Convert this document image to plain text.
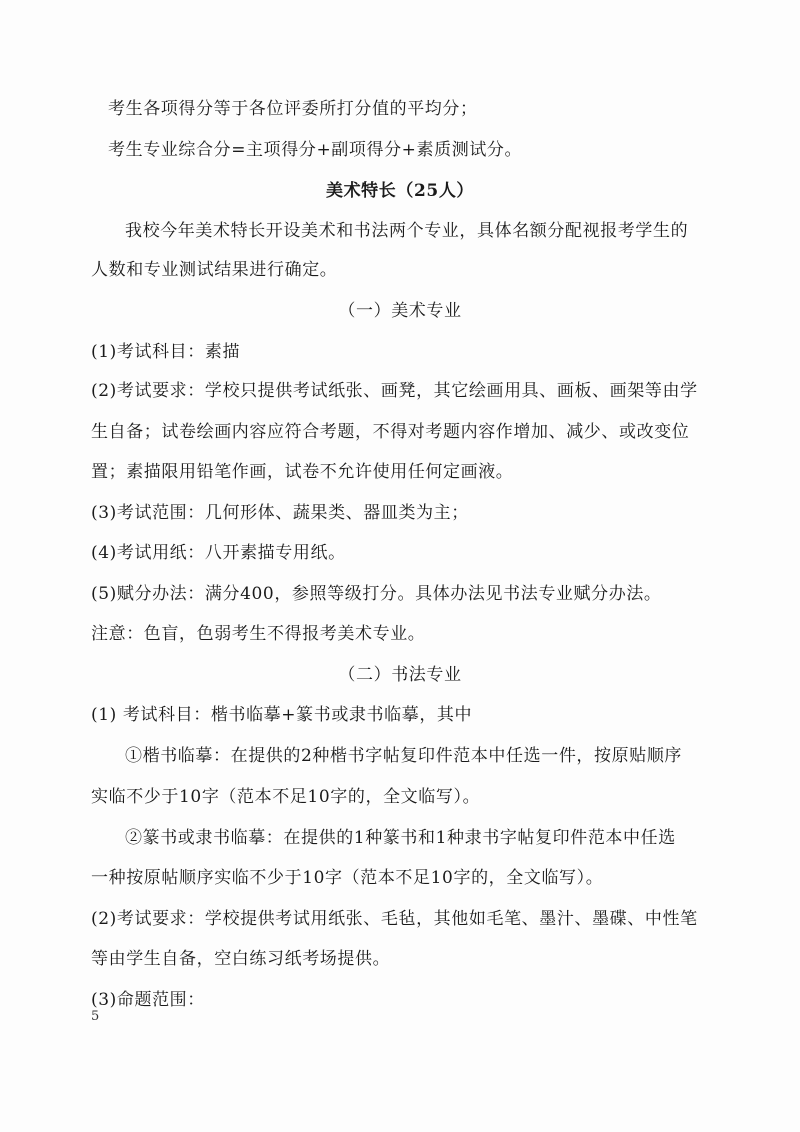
考生各项得分等于各位评委所打分值的平均分；
考生专业综合分=主项得分+副项得分+素质测试分。
美术特长（25人）
我校今年美术特长开设美术和书法两个专业，具体名额分配视报考学生的
人数和专业测试结果进行确定。
（一）美术专业
(1)考试科目：素描
(2)考试要求：学校只提供考试纸张、画凳，其它绘画用具、画板、画架等由学
生自备；试卷绘画内容应符合考题，不得对考题内容作增加、减少、或改变位
置；素描限用铅笔作画，试卷不允许使用任何定画液。
(3)考试范围：几何形体、蔬果类、器皿类为主；
(4)考试用纸：八开素描专用纸。
(5)赋分办法：满分400，参照等级打分。具体办法见书法专业赋分办法。
注意：色盲，色弱考生不得报考美术专业。
（二）书法专业
(1) 考试科目：楷书临摹+篆书或隶书临摹，其中
①楷书临摹：在提供的2种楷书字帖复印件范本中任选一件，按原贴顺序
实临不少于10字（范本不足10字的，全文临写）。
②篆书或隶书临摹：在提供的1种篆书和1种隶书字帖复印件范本中任选
一种按原帖顺序实临不少于10字（范本不足10字的，全文临写）。
(2)考试要求：学校提供考试用纸张、毛毡，其他如毛笔、墨汁、墨碟、中性笔
等由学生自备，空白练习纸考场提供。
(3)命题范围：
5
